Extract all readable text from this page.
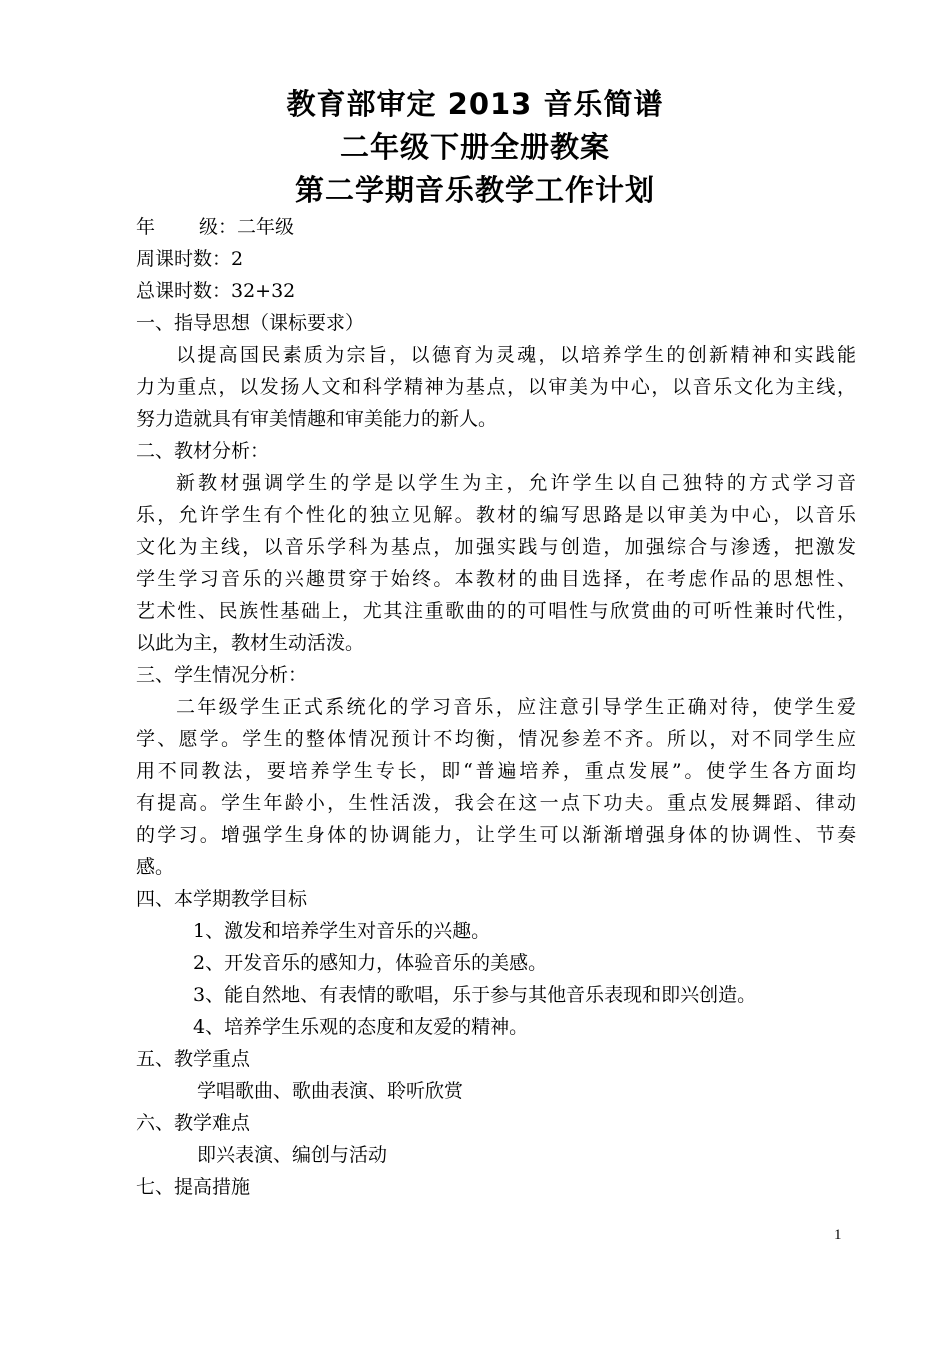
教育部审定 2013 音乐简谱
二年级下册全册教案
第二学期音乐教学工作计划
年 级：二年级
周课时数：2
总课时数：32+32
一、指导思想（课标要求）
以提高国民素质为宗旨，以德育为灵魂，以培养学生的创新精神和实践能
力为重点，以发扬人文和科学精神为基点，以审美为中心，以音乐文化为主线，
努力造就具有审美情趣和审美能力的新人。
二、教材分析：
新教材强调学生的学是以学生为主，允许学生以自己独特的方式学习音
乐，允许学生有个性化的独立见解。教材的编写思路是以审美为中心，以音乐
文化为主线，以音乐学科为基点，加强实践与创造，加强综合与渗透，把激发
学生学习音乐的兴趣贯穿于始终。本教材的曲目选择，在考虑作品的思想性、
艺术性、民族性基础上，尤其注重歌曲的的可唱性与欣赏曲的可听性兼时代性，
以此为主，教材生动活泼。
三、学生情况分析：
二年级学生正式系统化的学习音乐，应注意引导学生正确对待，使学生爱
学、愿学。学生的整体情况预计不均衡，情况参差不齐。所以，对不同学生应
用不同教法，要培养学生专长，即“普遍培养，重点发展”。使学生各方面均
有提高。学生年龄小，生性活泼，我会在这一点下功夫。重点发展舞蹈、律动
的学习。增强学生身体的协调能力，让学生可以渐渐增强身体的协调性、节奏
感。
四、本学期教学目标
1、激发和培养学生对音乐的兴趣。
2、开发音乐的感知力，体验音乐的美感。
3、能自然地、有表情的歌唱，乐于参与其他音乐表现和即兴创造。
4、培养学生乐观的态度和友爱的精神。
五、教学重点
学唱歌曲、歌曲表演、聆听欣赏
六、教学难点
即兴表演、编创与活动
七、提高措施
1
